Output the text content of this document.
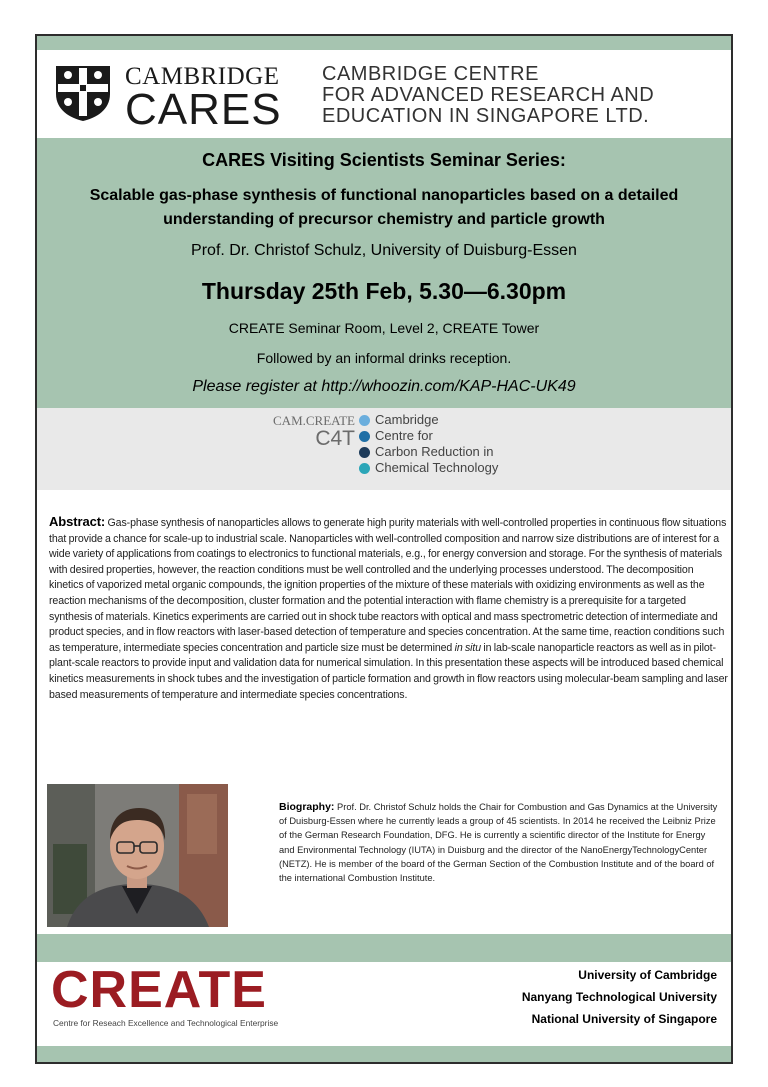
CAMBRIDGE
CARES
CAMBRIDGE CENTRE
FOR ADVANCED RESEARCH AND
EDUCATION IN SINGAPORE LTD.
CARES Visiting Scientists Seminar Series:
Scalable gas-phase synthesis of functional nanoparticles based on a detailed understanding of precursor chemistry and particle growth
Prof. Dr. Christof Schulz, University of Duisburg-Essen
Thursday 25th Feb, 5.30—6.30pm
CREATE Seminar Room, Level 2, CREATE Tower
Followed by an informal drinks reception.
Please register at http://whoozin.com/KAP-HAC-UK49
CAM.CREATE
C4T
Cambridge
Centre for
Carbon Reduction in
Chemical Technology
Abstract: Gas-phase synthesis of nanoparticles allows to generate high purity materials with well-controlled properties in continuous flow situations that provide a chance for scale-up to industrial scale. Nanoparticles with well-controlled composition and narrow size distributions are of interest for a wide variety of applications from coatings to electronics to functional materials, e.g., for energy conversion and storage. For the synthesis of materials with desired properties, however, the reaction conditions must be well controlled and the underlying processes understood. The decomposition kinetics of vaporized metal organic compounds, the ignition properties of the mixture of these materials with oxidizing environments as well as the reaction mechanisms of the decomposition, cluster formation and the potential interaction with flame chemistry is a prerequisite for a targeted synthesis of materials. Kinetics experiments are carried out in shock tube reactors with optical and mass spectrometric detection of intermediate and product species, and in flow reactors with laser-based detection of temperature and species concentration. At the same time, reaction conditions such as temperature, intermediate species concentration and particle size must be determined in situ in lab-scale nanoparticle reactors as well as in pilot-plant-scale reactors to provide input and validation data for numerical simulation. In this presentation these aspects will be introduced based chemical kinetics measurements in shock tubes and the investigation of particle formation and growth in flow reactors using molecular-beam sampling and laser based measurements of temperature and intermediate species concentrations.
Biography: Prof. Dr. Christof Schulz holds the Chair for Combustion and Gas Dynamics at the University of Duisburg-Essen where he currently leads a group of 45 scientists. In 2014 he received the Leibniz Prize of the German Research Foundation, DFG. He is currently a scientific director of the Institute for Energy and Environmental Technology (IUTA) in Duisburg and the director of the NanoEnergyTechnologyCenter (NETZ). He is member of the board of the German Section of the Combustion Institute and of the board of the international Combustion Institute.
CREATE
Centre for Reseach Excellence and Technological Enterprise
University of Cambridge
Nanyang Technological University
National University of Singapore
